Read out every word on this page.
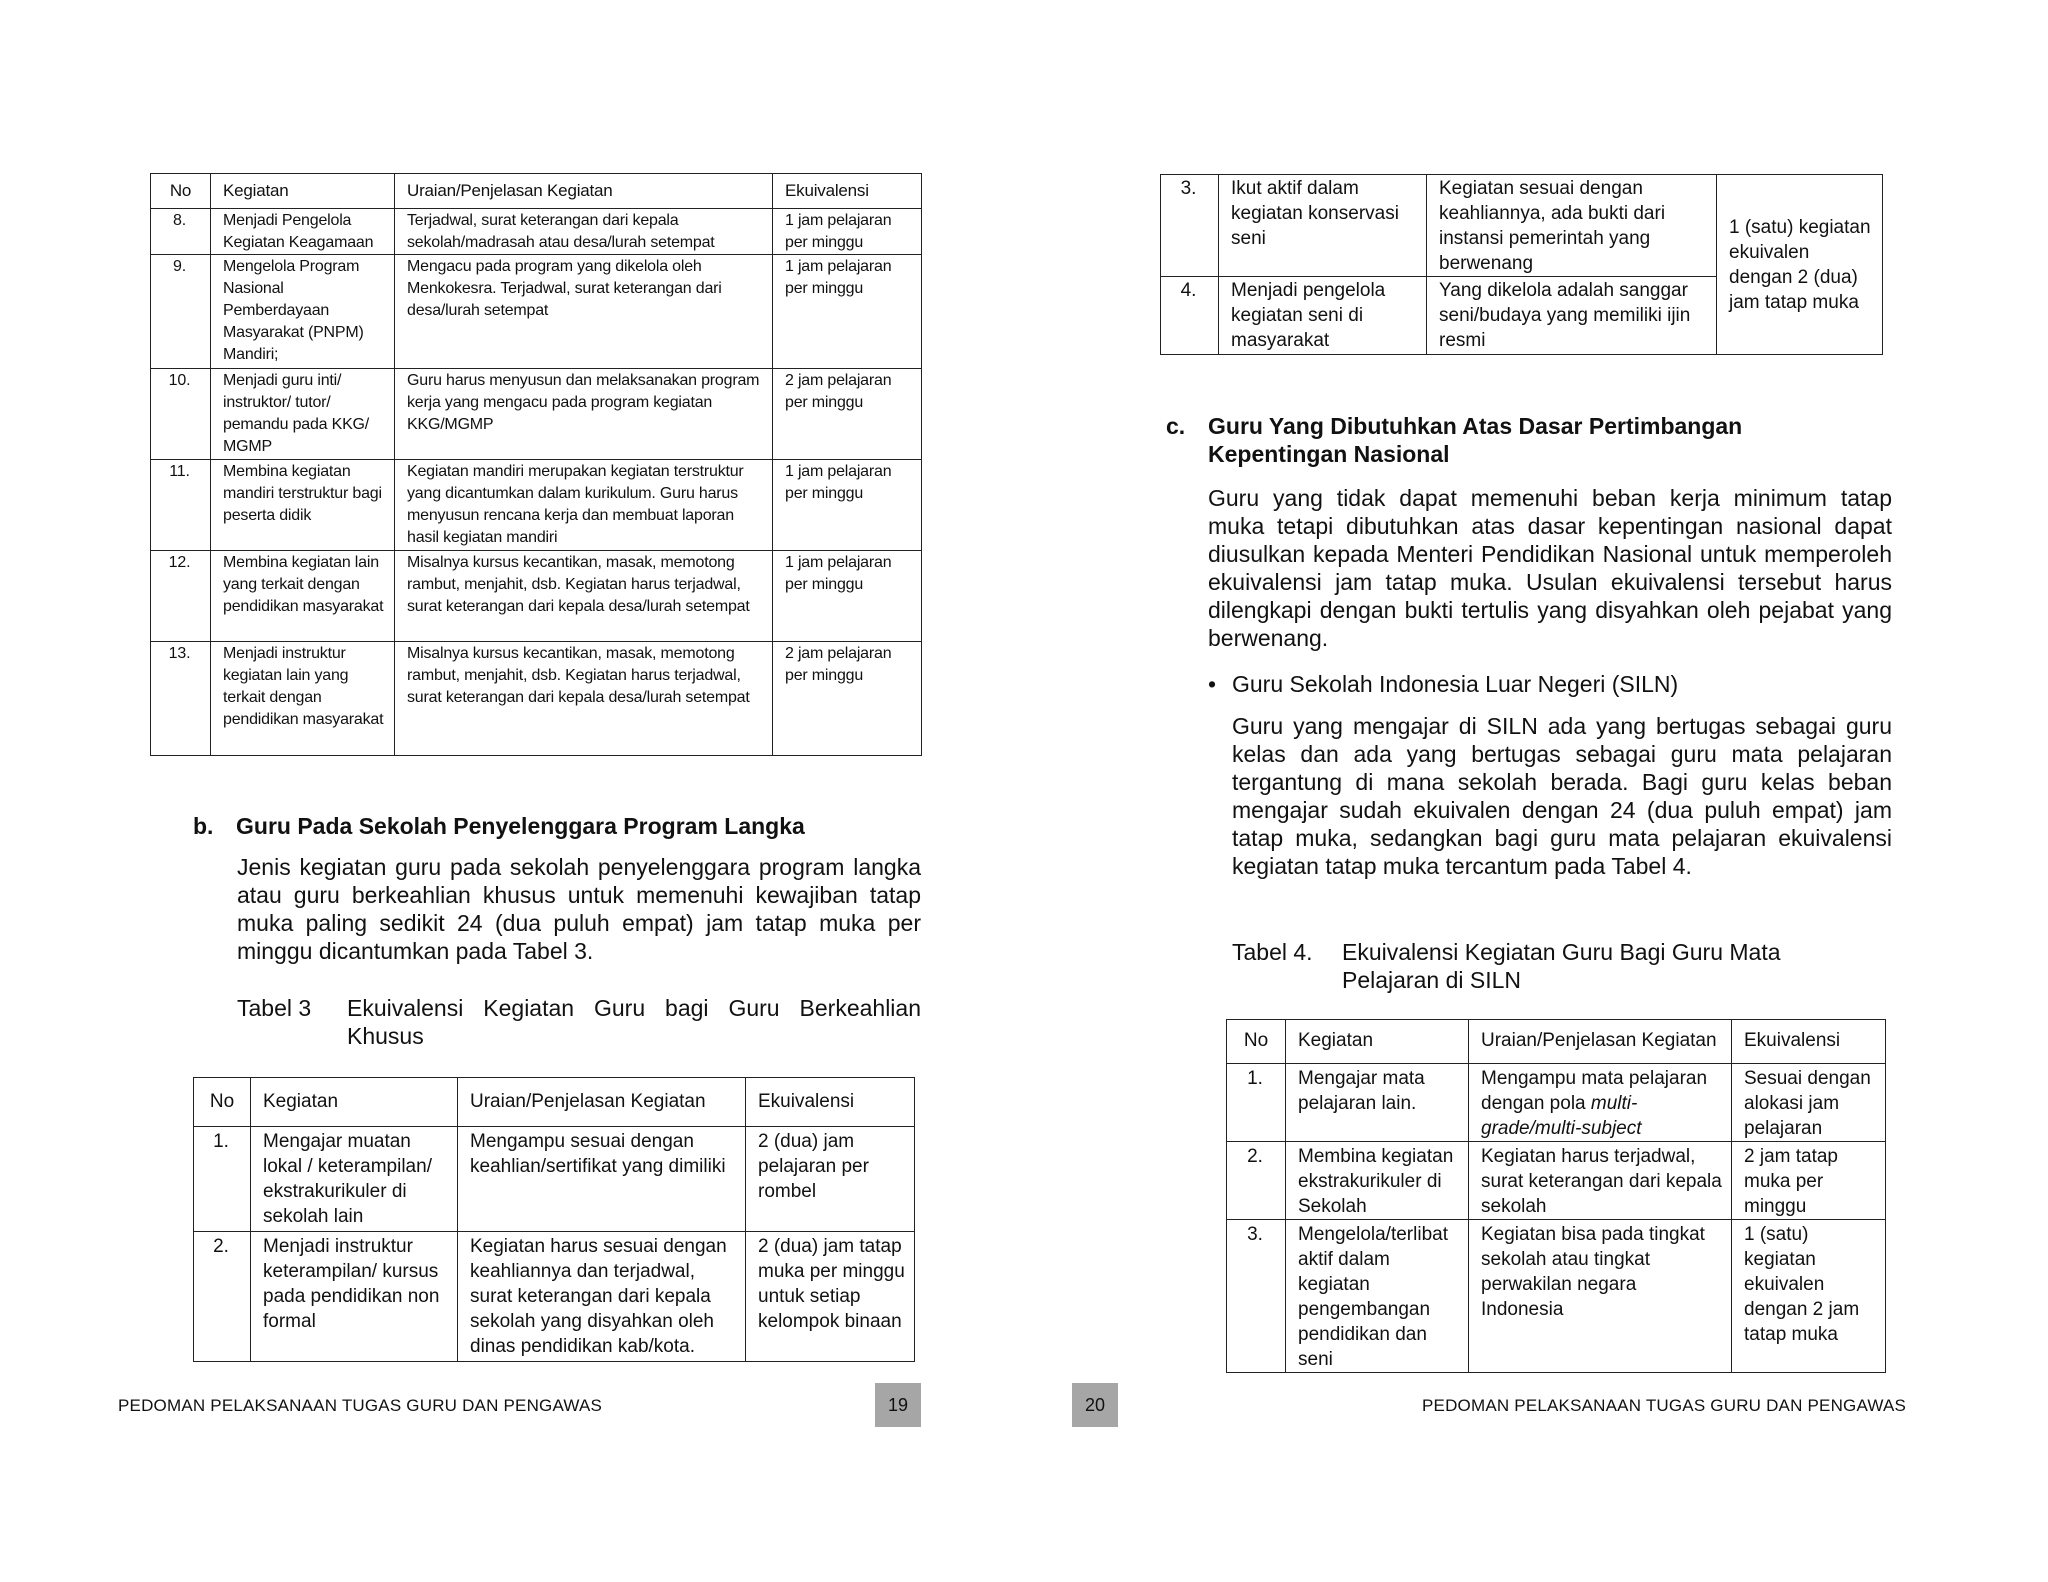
No	Kegiatan	Uraian/Penjelasan Kegiatan	Ekuivalensi
8.	Menjadi Pengelola Kegiatan Keagamaan	Terjadwal, surat keterangan dari kepala sekolah/madrasah atau desa/lurah setempat	1 jam pelajaran per minggu
9.	Mengelola Program Nasional Pemberdayaan Masyarakat (PNPM) Mandiri;	Mengacu pada program yang dikelola oleh Menkokesra. Terjadwal, surat keterangan dari desa/lurah setempat	1 jam pelajaran per minggu
10.	Menjadi guru inti/ instruktor/ tutor/ pemandu pada KKG/ MGMP	Guru harus menyusun dan melaksanakan program kerja yang mengacu pada program kegiatan KKG/MGMP	2 jam pelajaran per minggu
11.	Membina kegiatan mandiri terstruktur bagi peserta didik	Kegiatan mandiri merupakan kegiatan terstruktur yang dicantumkan dalam kurikulum. Guru harus menyusun rencana kerja dan membuat laporan hasil kegiatan mandiri	1 jam pelajaran per minggu
12.	Membina kegiatan lain yang terkait dengan pendidikan masyarakat	Misalnya kursus kecantikan, masak, memotong rambut, menjahit, dsb. Kegiatan harus terjadwal, surat keterangan dari kepala desa/lurah setempat	1 jam pelajaran per minggu
13.	Menjadi instruktur kegiatan lain yang terkait dengan pendidikan masyarakat	Misalnya kursus kecantikan, masak, memotong rambut, menjahit, dsb. Kegiatan harus terjadwal, surat keterangan dari kepala desa/lurah setempat	2 jam pelajaran per minggu
b. Guru Pada Sekolah Penyelenggara Program Langka
Jenis kegiatan guru pada sekolah penyelenggara program langka atau guru berkeahlian khusus untuk memenuhi kewajiban tatap muka paling sedikit 24 (dua puluh empat) jam tatap muka per minggu dicantumkan pada Tabel 3.
Tabel 3 Ekuivalensi Kegiatan Guru bagi Guru Berkeahlian Khusus
No	Kegiatan	Uraian/Penjelasan Kegiatan	Ekuivalensi
1.	Mengajar muatan lokal / keterampilan/ ekstrakurikuler di sekolah lain	Mengampu sesuai dengan keahlian/sertifikat yang dimiliki	2 (dua) jam pelajaran per rombel
2.	Menjadi instruktur keterampilan/ kursus pada pendidikan non formal	Kegiatan harus sesuai dengan keahliannya dan terjadwal, surat keterangan dari kepala sekolah yang disyahkan oleh dinas pendidikan kab/kota.	2 (dua) jam tatap muka per minggu untuk setiap kelompok binaan
PEDOMAN PELAKSANAAN TUGAS GURU DAN PENGAWAS	19
3.	Ikut aktif dalam kegiatan konservasi seni	Kegiatan sesuai dengan keahliannya, ada bukti dari instansi pemerintah yang berwenang	1 (satu) kegiatan ekuivalen dengan 2 (dua) jam tatap muka
4.	Menjadi pengelola kegiatan seni di masyarakat	Yang dikelola adalah sanggar seni/budaya yang memiliki ijin resmi	
c. Guru Yang Dibutuhkan Atas Dasar Pertimbangan Kepentingan Nasional
Guru yang tidak dapat memenuhi beban kerja minimum tatap muka tetapi dibutuhkan atas dasar kepentingan nasional dapat diusulkan kepada Menteri Pendidikan Nasional untuk memperoleh ekuivalensi jam tatap muka. Usulan ekuivalensi tersebut harus dilengkapi dengan bukti tertulis yang disyahkan oleh pejabat yang berwenang.
• Guru Sekolah Indonesia Luar Negeri (SILN)
Guru yang mengajar di SILN ada yang bertugas sebagai guru kelas dan ada yang bertugas sebagai guru mata pelajaran tergantung di mana sekolah berada. Bagi guru kelas beban mengajar sudah ekuivalen dengan 24 (dua puluh empat) jam tatap muka, sedangkan bagi guru mata pelajaran ekuivalensi kegiatan tatap muka tercantum pada Tabel 4.
Tabel 4. Ekuivalensi Kegiatan Guru Bagi Guru Mata Pelajaran di SILN
No	Kegiatan	Uraian/Penjelasan Kegiatan	Ekuivalensi
1.	Mengajar mata pelajaran lain.	Mengampu mata pelajaran dengan pola multi-grade/multi-subject	Sesuai dengan alokasi jam pelajaran
2.	Membina kegiatan ekstrakurikuler di Sekolah	Kegiatan harus terjadwal, surat keterangan dari kepala sekolah	2 jam tatap muka per minggu
3.	Mengelola/terlibat aktif dalam kegiatan pengembangan pendidikan dan seni	Kegiatan bisa pada tingkat sekolah atau tingkat perwakilan negara Indonesia	1 (satu) kegiatan ekuivalen dengan 2 jam tatap muka
20	PEDOMAN PELAKSANAAN TUGAS GURU DAN PENGAWAS
